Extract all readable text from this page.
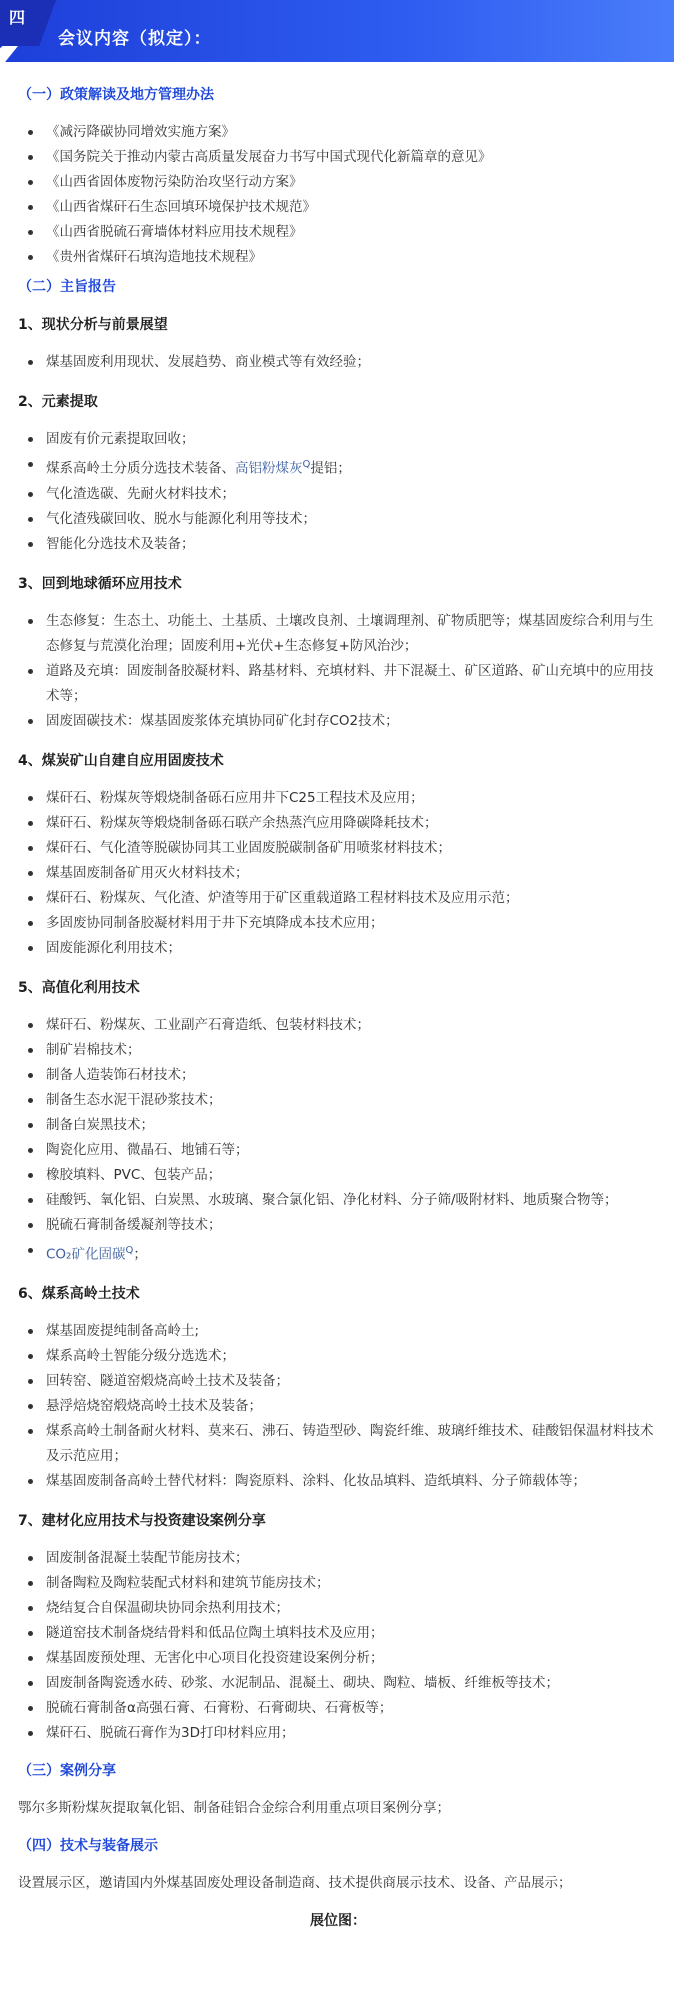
四
会议内容（拟定）：
（一）政策解读及地方管理办法
《减污降碳协同增效实施方案》
《国务院关于推动内蒙古高质量发展奋力书写中国式现代化新篇章的意见》
《山西省固体废物污染防治攻坚行动方案》
《山西省煤矸石生态回填环境保护技术规范》
《山西省脱硫石膏墙体材料应用技术规程》
《贵州省煤矸石填沟造地技术规程》
（二）主旨报告
1、现状分析与前景展望
煤基固废利用现状、发展趋势、商业模式等有效经验；
2、元素提取
固废有价元素提取回收；
煤系高岭土分质分选技术装备、高铝粉煤灰$^Q$提铝；
气化渣选碳、先耐火材料技术；
气化渣残碳回收、脱水与能源化利用等技术；
智能化分选技术及装备；
3、回到地球循环应用技术
生态修复：生态土、功能土、土基质、土壤改良剂、土壤调理剂、矿物质肥等；煤基固废综合利用与生态修复与荒漠化治理；固废利用+光伏+生态修复+防风治沙；
道路及充填：固废制备胶凝材料、路基材料、充填材料、井下混凝土、矿区道路、矿山充填中的应用技术等；
固废固碳技术：煤基固废浆体充填协同矿化封存CO2技术；
4、煤炭矿山自建自应用固废技术
煤矸石、粉煤灰等煅烧制备砾石应用井下C25工程技术及应用；
煤矸石、粉煤灰等煅烧制备砾石联产余热蒸汽应用降碳降耗技术；
煤矸石、气化渣等脱碳协同其工业固废脱碳制备矿用喷浆材料技术；
煤基固废制备矿用灭火材料技术；
煤矸石、粉煤灰、气化渣、炉渣等用于矿区重载道路工程材料技术及应用示范；
多固废协同制备胶凝材料用于井下充填降成本技术应用；
固废能源化利用技术；
5、高值化利用技术
煤矸石、粉煤灰、工业副产石膏造纸、包装材料技术；
制矿岩棉技术；
制备人造装饰石材技术；
制备生态水泥干混砂浆技术；
制备白炭黑技术；
陶瓷化应用、微晶石、地铺石等；
橡胶填料、PVC、包装产品；
硅酸钙、氧化铝、白炭黑、水玻璃、聚合氯化铝、净化材料、分子筛/吸附材料、地质聚合物等；
脱硫石膏制备缓凝剂等技术；
CO₂矿化固碳$^Q$；
6、煤系高岭土技术
煤基固废提纯制备高岭土;
煤系高岭土智能分级分选选术；
回转窑、隧道窑煅烧高岭土技术及装备；
悬浮焙烧窑煅烧高岭土技术及装备；
煤系高岭土制备耐火材料、莫来石、沸石、铸造型砂、陶瓷纤维、玻璃纤维技术、硅酸铝保温材料技术及示范应用；
煤基固废制备高岭土替代材料：陶瓷原料、涂料、化妆品填料、造纸填料、分子筛载体等；
7、建材化应用技术与投资建设案例分享
固废制备混凝土装配节能房技术；
制备陶粒及陶粒装配式材料和建筑节能房技术；
烧结复合自保温砌块协同余热利用技术；
隧道窑技术制备烧结骨料和低品位陶土填料技术及应用；
煤基固废预处理、无害化中心项目化投资建设案例分析；
固废制备陶瓷透水砖、砂浆、水泥制品、混凝土、砌块、陶粒、墙板、纤维板等技术；
脱硫石膏制备α高强石膏、石膏粉、石膏砌块、石膏板等；
煤矸石、脱硫石膏作为3D打印材料应用；
（三）案例分享
鄂尔多斯粉煤灰提取氧化铝、制备硅铝合金综合利用重点项目案例分享；
（四）技术与装备展示
设置展示区，邀请国内外煤基固废处理设备制造商、技术提供商展示技术、设备、产品展示；
展位图：
